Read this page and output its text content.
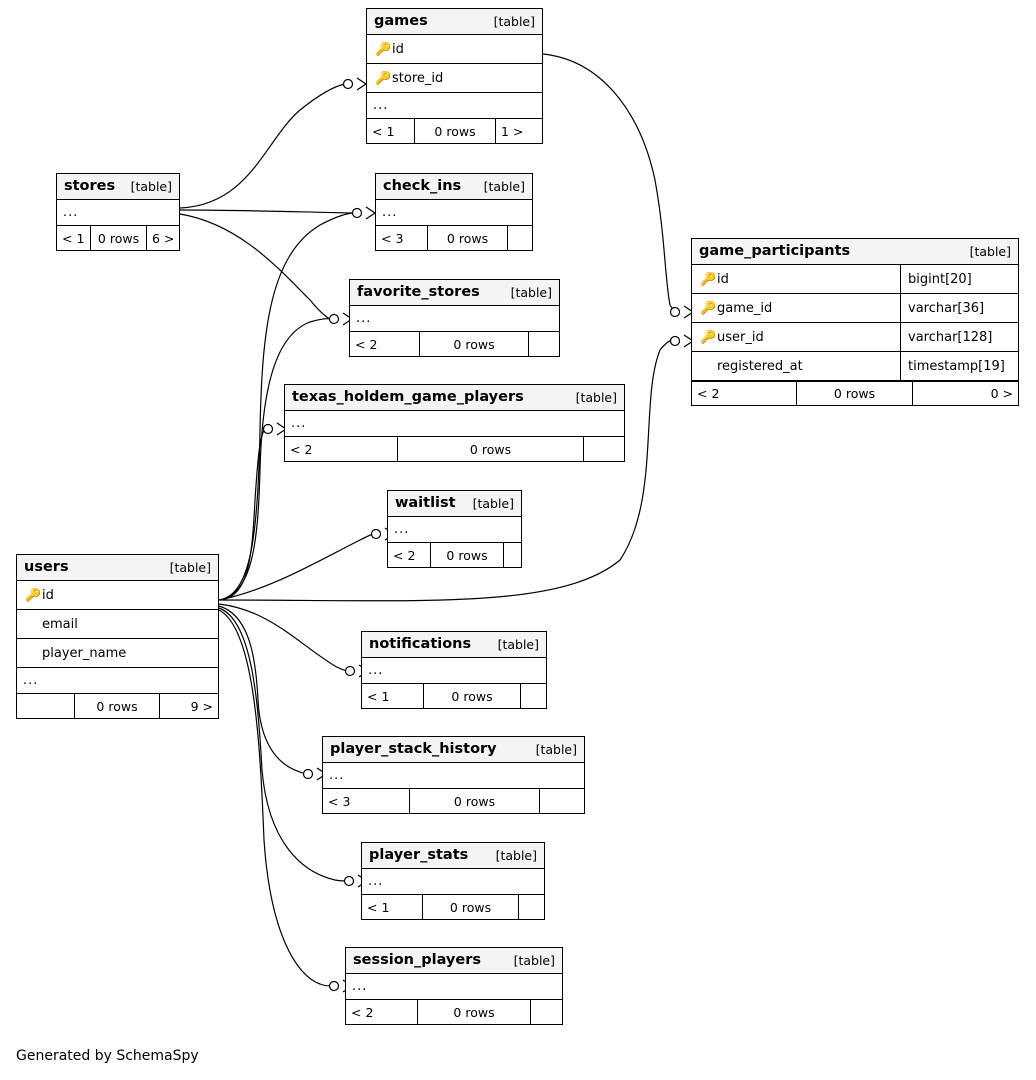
games	[table]
🔑 id
🔑 store_id
...
< 1	0 rows	1 >
stores	[table]
...
< 1	0 rows	6 >
check_ins	[table]
...
< 3	0 rows
game_participants	[table]
🔑 id	bigint[20]
🔑 game_id	varchar[36]
🔑 user_id	varchar[128]
registered_at	timestamp[19]
< 2	0 rows	0 >
favorite_stores	[table]
...
< 2	0 rows
texas_holdem_game_players	[table]
...
< 2	0 rows
waitlist	[table]
...
< 2	0 rows
users	[table]
🔑 id
email
player_name
...
0 rows	9 >
notifications	[table]
...
< 1	0 rows
player_stack_history	[table]
...
< 3	0 rows
player_stats	[table]
...
< 1	0 rows
session_players	[table]
...
< 2	0 rows
Generated by SchemaSpy
